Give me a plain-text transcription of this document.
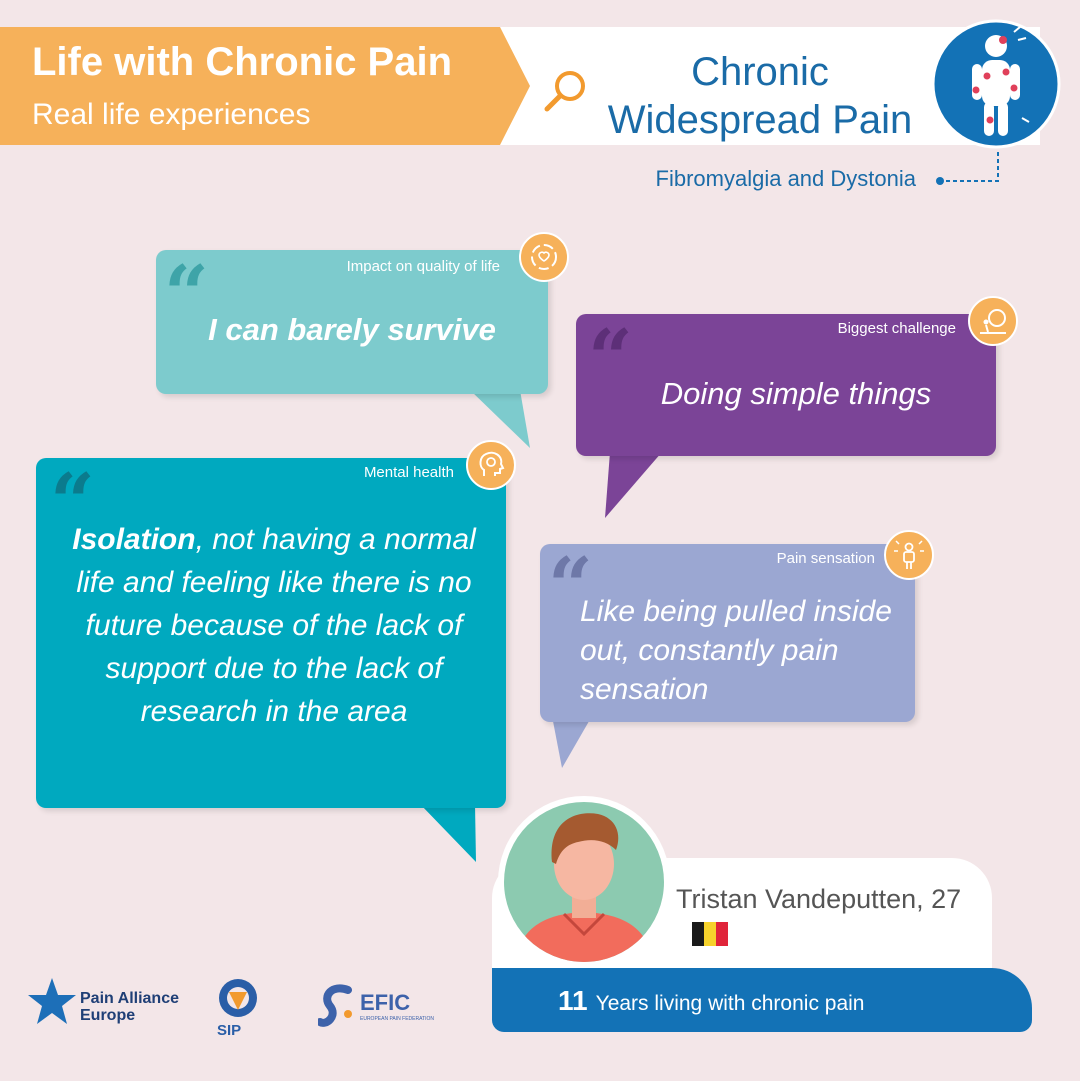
Life with Chronic Pain
Real life experiences
Chronic Widespread Pain
Fibromyalgia and Dystonia
“	Impact on quality of life
I can barely survive	“	Biggest challenge
Doing simple things
“	Mental health
Isolation, not having a normal life and feeling like there is no future because of the lack of support due to the lack of research in the area
“	Pain sensation
Like being pulled inside out, constantly pain sensation
Tristan Vandeputten, 27
11 Years living with chronic pain
Pain Alliance
Europe
SIP
EFIC
EUROPEAN PAIN FEDERATION
